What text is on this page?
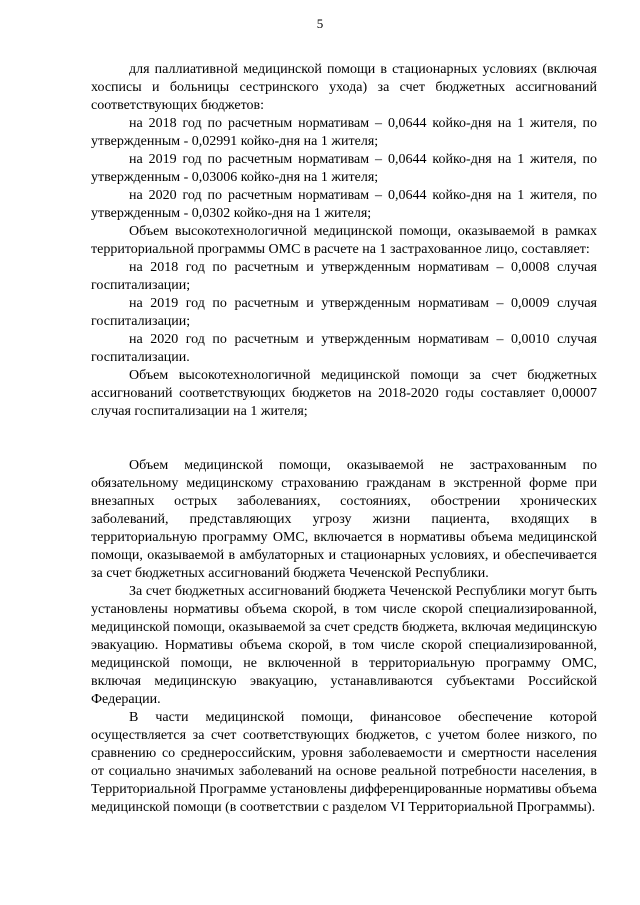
5

для паллиативной медицинской помощи в стационарных условиях (включая хосписы и больницы сестринского ухода) за счет бюджетных ассигнований соответствующих бюджетов:

на 2018 год по расчетным нормативам – 0,0644 койко-дня на 1 жителя, по утвержденным - 0,02991 койко-дня на 1 жителя;

на 2019 год по расчетным нормативам – 0,0644 койко-дня на 1 жителя, по утвержденным - 0,03006 койко-дня на 1 жителя;

на 2020 год по расчетным нормативам – 0,0644 койко-дня на 1 жителя, по утвержденным - 0,0302 койко-дня на 1 жителя;

Объем высокотехнологичной медицинской помощи, оказываемой в рамках территориальной программы ОМС в расчете на 1 застрахованное лицо, составляет:

на 2018 год по расчетным и утвержденным нормативам – 0,0008 случая госпитализации;

на 2019 год по расчетным и утвержденным нормативам – 0,0009 случая госпитализации;

на 2020 год по расчетным и утвержденным нормативам – 0,0010 случая госпитализации.

Объем высокотехнологичной медицинской помощи за счет бюджетных ассигнований соответствующих бюджетов на 2018-2020 годы составляет 0,00007 случая госпитализации на 1 жителя;

Объем медицинской помощи, оказываемой не застрахованным по обязательному медицинскому страхованию гражданам в экстренной форме при внезапных острых заболеваниях, состояниях, обострении хронических заболеваний, представляющих угрозу жизни пациента, входящих в территориальную программу ОМС, включается в нормативы объема медицинской помощи, оказываемой в амбулаторных и стационарных условиях, и обеспечивается за счет бюджетных ассигнований бюджета Чеченской Республики.

За счет бюджетных ассигнований бюджета Чеченской Республики могут быть установлены нормативы объема скорой, в том числе скорой специализированной, медицинской помощи, оказываемой за счет средств бюджета, включая медицинскую эвакуацию. Нормативы объема скорой, в том числе скорой специализированной, медицинской помощи, не включенной в территориальную программу ОМС, включая медицинскую эвакуацию, устанавливаются субъектами Российской Федерации.

В части медицинской помощи, финансовое обеспечение которой осуществляется за счет соответствующих бюджетов, с учетом более низкого, по сравнению со среднероссийским, уровня заболеваемости и смертности населения от социально значимых заболеваний на основе реальной потребности населения, в Территориальной Программе установлены дифференцированные нормативы объема медицинской помощи (в соответствии с разделом VI Территориальной Программы).
